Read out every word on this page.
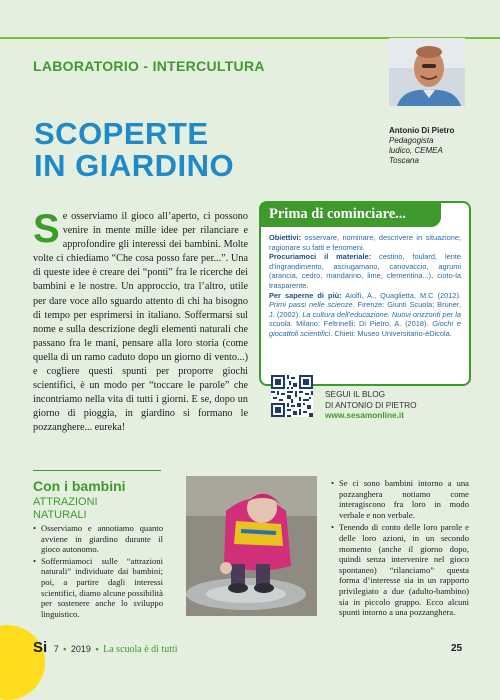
LABORATORIO - INTERCULTURA
SCOPERTE
IN GIARDINO
Antonio Di Pietro
Pedagogista
ludico, CEMEA
Toscana
Se osserviamo il gioco all’aperto, ci possono venire in mente mille idee per rilanciare e approfondire gli interessi dei bambini. Molte volte ci chiediamo “Che cosa posso fare per...”. Una di queste idee è creare dei “ponti” fra le ricerche dei bambini e le nostre. Un approccio, tra l’altro, utile per dare voce allo sguardo attento di chi ha bisogno di tempo per esprimersi in italiano. Soffermarsi sul nome e sulla descrizione degli elementi naturali che passano fra le mani, pensare alla loro storia (come quella di un ramo caduto dopo un giorno di vento...) e cogliere questi spunti per proporre giochi scientifici, è un modo per “toccare le parole” che incontriamo nella vita di tutti i giorni. E se, dopo un giorno di pioggia, in giardino si formano le pozzanghere... eureka!
Prima di cominciare...
Obiettivi: osservare, nominare, descrivere in situazione; ragionare su fatti e fenomeni.
Procuriamoci il materiale: cestino, foulard, lente d’ingrandimento, asciugamano, canovaccio, agrumi (arancia, cedro, mandarino, lime, clementina...), cioto-la trasparente.
Per saperne di più: Aiolfi, A., Quaglietta, M.C (2012). Primi passi nelle scienze. Firenze: Giunti Scuola; Bruner, J. (2002). La cultura dell’educazione. Nuovi orizzonti per la scuola. Milano: Feltrinelli; Di Pietro, A. (2018). Giochi e giocattoli scientifici. Chieti: Museo Universitario-èDicola.
SEGUI IL BLOG
DI ANTONIO DI PIETRO
www.sesamonline.it
Con i bambini
ATTRAZIONI NATURALI
• Osserviamo e annotiamo quanto avviene in giardino durante il gioco autonomo.
• Soffermiamoci sulle “attrazioni naturali” individuate dai bambini; poi, a partire dagli interessi scientifici, diamo alcune possibilità per sostenere anche lo sviluppo linguistico.
• Se ci sono bambini intorno a una pozzanghera notiamo come interagiscono fra loro in modo verbale e non verbale.
• Tenendo di conto delle loro parole e delle loro azioni, in un secondo momento (anche il giorno dopo, quindi senza intervenire nel gioco spontaneo) “rilanciamo” questa forma d’interesse sia in un rapporto privilegiato a due (adulto-bambino) sia in piccolo gruppo. Ecco alcuni spunti intorno a una pozzanghera.
Si 7 • 2019 • La scuola è di tutti	25
